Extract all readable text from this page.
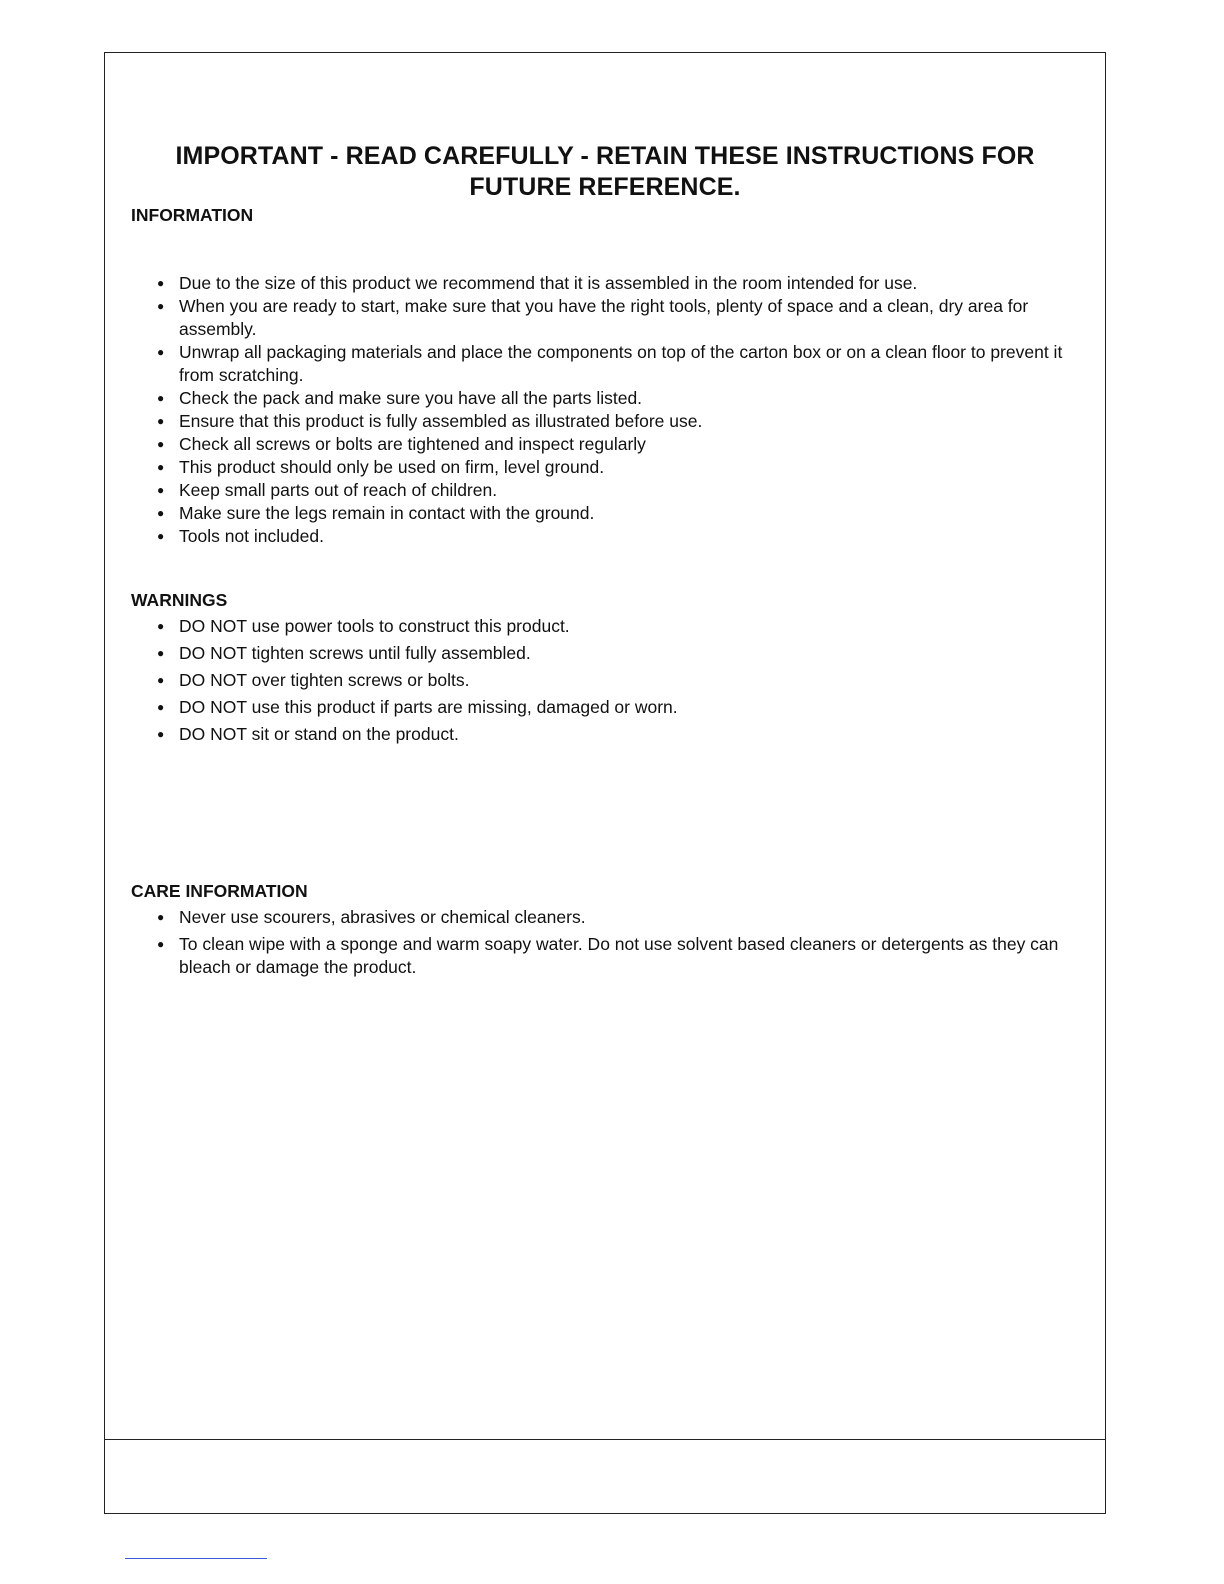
IMPORTANT - READ CAREFULLY - RETAIN THESE INSTRUCTIONS FOR FUTURE REFERENCE.
INFORMATION
● Due to the size of this product we recommend that it is assembled in the room intended for use.
● When you are ready to start, make sure that you have the right tools, plenty of space and a clean, dry area for assembly.
● Unwrap all packaging materials and place the components on top of the carton box or on a clean floor to prevent it from scratching.
● Check the pack and make sure you have all the parts listed.
● Ensure that this product is fully assembled as illustrated before use.
● Check all screws or bolts are tightened and inspect regularly
● This product should only be used on firm, level ground.
● Keep small parts out of reach of children.
● Make sure the legs remain in contact with the ground.
● Tools not included.
WARNINGS
● DO NOT use power tools to construct this product.
● DO NOT tighten screws until fully assembled.
● DO NOT over tighten screws or bolts.
● DO NOT use this product if parts are missing, damaged or worn.
● DO NOT sit or stand on the product.
CARE INFORMATION
● Never use scourers, abrasives or chemical cleaners.
● To clean wipe with a sponge and warm soapy water. Do not use solvent based cleaners or detergents as they can bleach or damage the product.
